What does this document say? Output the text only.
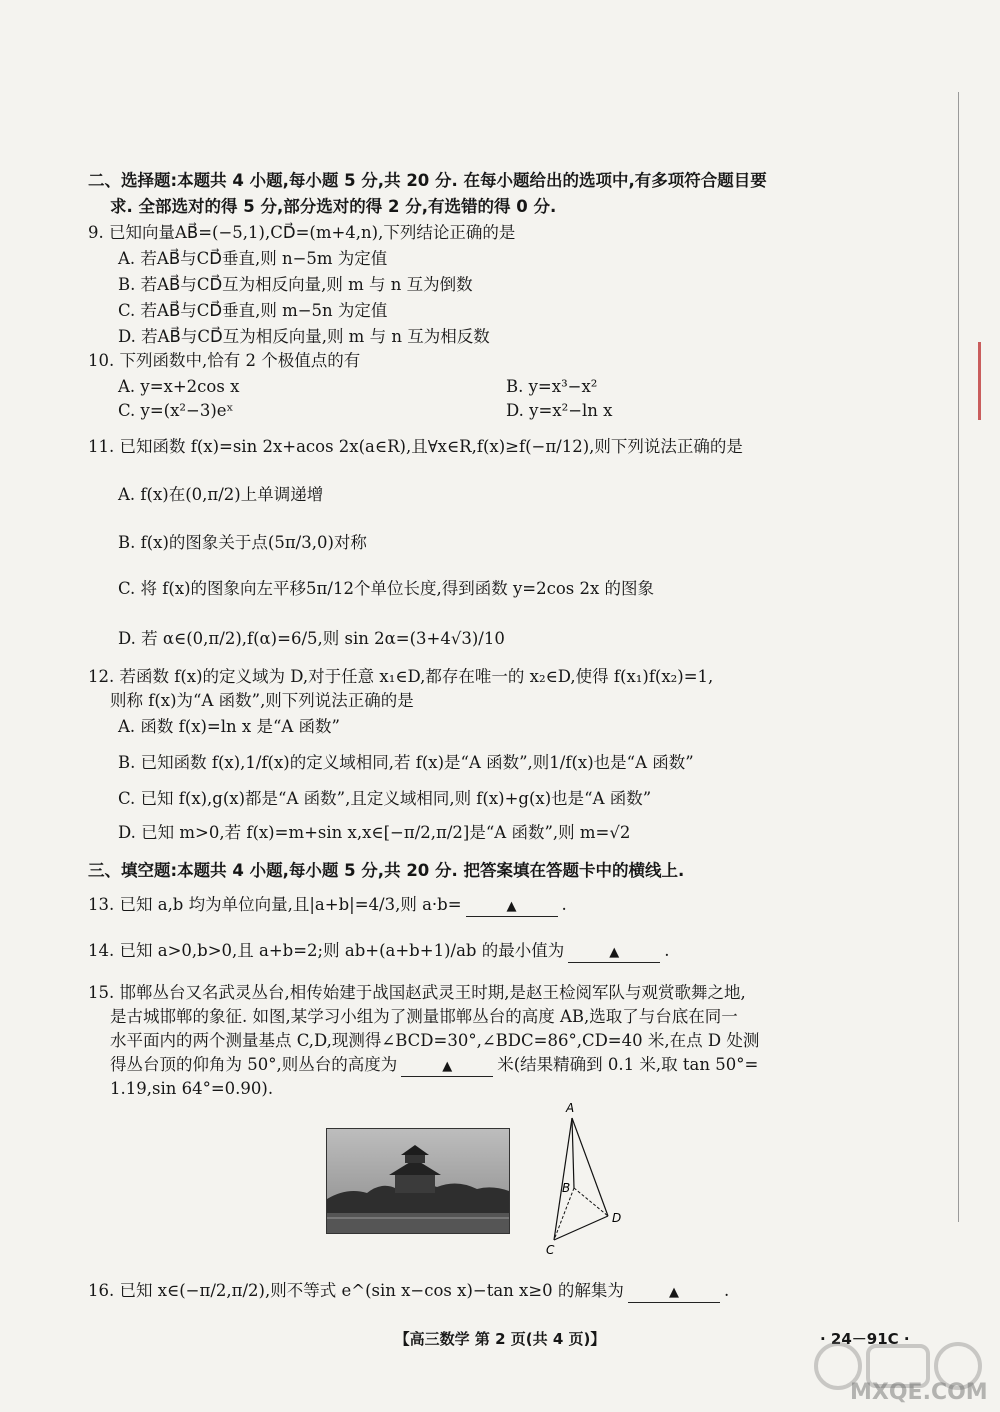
二、选择题:本题共 4 小题,每小题 5 分,共 20 分. 在每小题给出的选项中,有多项符合题目要
求. 全部选对的得 5 分,部分选对的得 2 分,有选错的得 0 分.
9. 已知向量AB⃗=(−5,1),CD⃗=(m+4,n),下列结论正确的是
A. 若AB⃗与CD⃗垂直,则 n−5m 为定值
B. 若AB⃗与CD⃗互为相反向量,则 m 与 n 互为倒数
C. 若AB⃗与CD⃗垂直,则 m−5n 为定值
D. 若AB⃗与CD⃗互为相反向量,则 m 与 n 互为相反数
10. 下列函数中,恰有 2 个极值点的有
A. y=x+2cos x	B. y=x³−x²
C. y=(x²−3)eˣ	D. y=x²−ln x
11. 已知函数 f(x)=sin 2x+acos 2x(a∈R),且∀x∈R,f(x)≥f(−π/12),则下列说法正确的是
A. f(x)在(0,π/2)上单调递增
B. f(x)的图象关于点(5π/3,0)对称
C. 将 f(x)的图象向左平移5π/12个单位长度,得到函数 y=2cos 2x 的图象
D. 若 α∈(0,π/2),f(α)=6/5,则 sin 2α=(3+4√3)/10
12. 若函数 f(x)的定义域为 D,对于任意 x₁∈D,都存在唯一的 x₂∈D,使得 f(x₁)f(x₂)=1,
则称 f(x)为“A 函数”,则下列说法正确的是
A. 函数 f(x)=ln x 是“A 函数”
B. 已知函数 f(x),1/f(x)的定义域相同,若 f(x)是“A 函数”,则1/f(x)也是“A 函数”
C. 已知 f(x),g(x)都是“A 函数”,且定义域相同,则 f(x)+g(x)也是“A 函数”
D. 已知 m>0,若 f(x)=m+sin x,x∈[−π/2,π/2]是“A 函数”,则 m=√2
三、填空题:本题共 4 小题,每小题 5 分,共 20 分. 把答案填在答题卡中的横线上.
13. 已知 a,b 均为单位向量,且|a+b|=4/3,则 a·b=	▲	.
14. 已知 a>0,b>0,且 a+b=2;则 ab+(a+b+1)/ab 的最小值为	▲	.
15. 邯郸丛台又名武灵丛台,相传始建于战国赵武灵王时期,是赵王检阅军队与观赏歌舞之地,
是古城邯郸的象征. 如图,某学习小组为了测量邯郸丛台的高度 AB,选取了与台底在同一
水平面内的两个测量基点 C,D,现测得∠BCD=30°,∠BDC=86°,CD=40 米,在点 D 处测
得丛台顶的仰角为 50°,则丛台的高度为	▲	米(结果精确到 0.1 米,取 tan 50°=
1.19,sin 64°=0.90).
A
B
C
D
16. 已知 x∈(−π/2,π/2),则不等式 e^(sin x−cos x)−tan x≥0 的解集为	▲	.
【高三数学 第 2 页(共 4 页)】	· 24－91C ·
MXQE.COM
